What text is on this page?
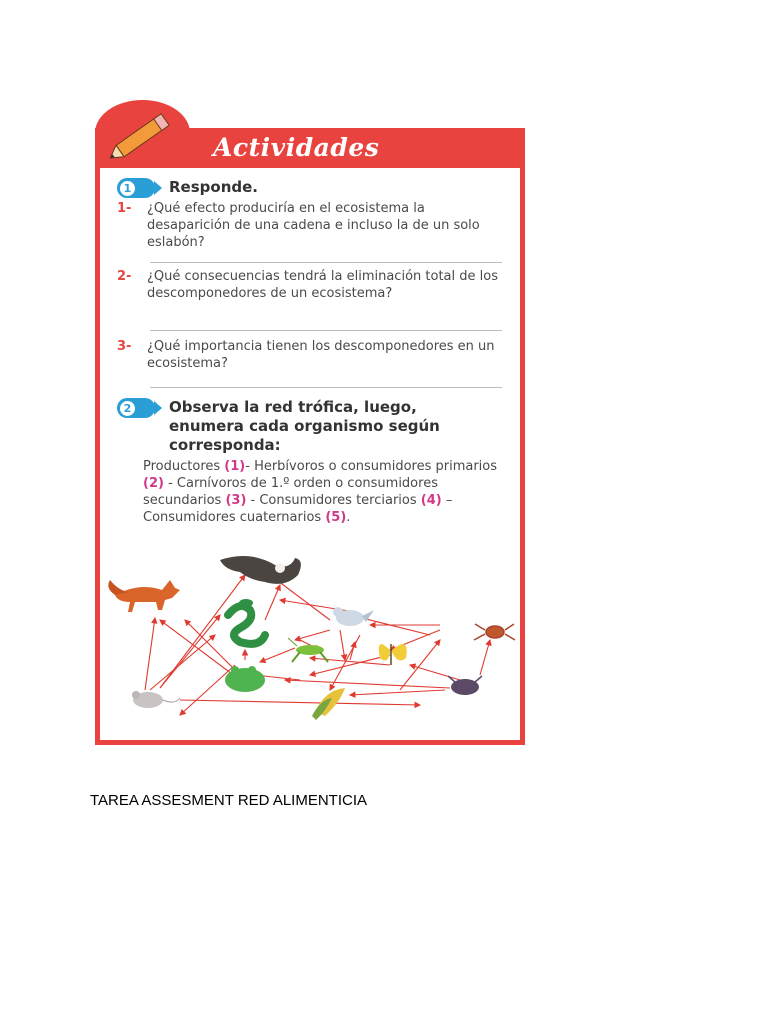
Actividades
1	Responde.
1-	¿Qué efecto produciría en el ecosistema la desaparición de una cadena e incluso la de un solo eslabón?
2-	¿Qué consecuencias tendrá la eliminación total de los descomponedores de un ecosistema?
3-	¿Qué importancia tienen los descomponedores en un ecosistema?
2	Observa la red trófica, luego, enumera cada organismo según corresponda:
Productores (1)- Herbívoros o consumidores primarios (2) - Carnívoros de 1.º orden o consumidores secundarios (3) - Consumidores terciarios (4) – Consumidores cuaternarios (5).
TAREA ASSESMENT RED ALIMENTICIA
